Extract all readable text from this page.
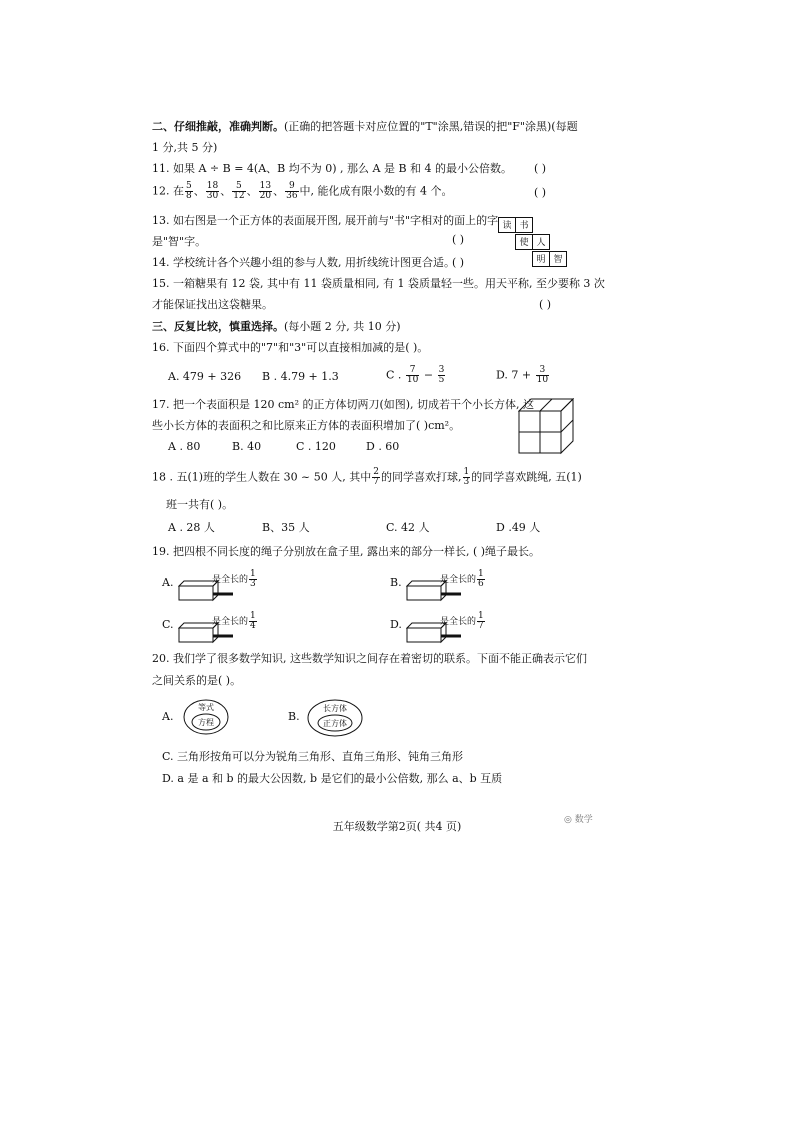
二、仔细推敲，准确判断。(正确的把答题卡对应位置的"T"涂黑,错误的把"F"涂黑)(每题
1 分,共 5 分)
11. 如果 A ÷ B = 4(A、B 均不为 0) , 那么 A 是 B 和 4 的最小公倍数。 ( )
12. 在 $\frac{5}{8}$ 、 $\frac{18}{30}$ 、 $\frac{5}{12}$ 、 $\frac{13}{20}$ 、 $\frac{9}{36}$ 中, 能化成有限小数的有 4 个。	( )
13. 如右图是一个正方体的表面展开图, 展开前与"书"字相对的面上的字
是"智"字。	( )
读 书
使 人
明 智
14. 学校统计各个兴趣小组的参与人数, 用折线统计图更合适。
( )
15. 一箱糖果有 12 袋, 其中有 11 袋质量相同, 有 1 袋质量轻一些。用天平称, 至少要称 3 次
才能保证找出这袋糖果。	( )
三、反复比较，慎重选择。(每小题 2 分, 共 10 分)
16. 下面四个算式中的"7"和"3"可以直接相加减的是( )。
A. 479 + 326 B . 4.79 + 1.3	C . $\frac{7}{10} - \frac{3}{5}$	D. $7 + \frac{3}{10}$
17. 把一个表面积是 120 cm² 的正方体切两刀(如图), 切成若干个小长方体, 这
些小长方体的表面积之和比原来正方体的表面积增加了( )cm²。
A . 80	B. 40	C . 120	D . 60
18 . 五(1)班的学生人数在 30 ~ 50 人, 其中 $\frac{2}{7}$ 的同学喜欢打球, $\frac{1}{3}$ 的同学喜欢跳绳, 五(1)
班一共有( )。
A . 28 人	B、35 人	C. 42 人	D .49 人
19. 把四根不同长度的绳子分别放在盒子里, 露出来的部分一样长, ( )绳子最长。
A.	是全长的 $\frac{1}{3}$	B.	是全长的 $\frac{1}{6}$
C.	是全长的 $\frac{1}{4}$	D.	是全长的 $\frac{1}{7}$
20. 我们学了很多数学知识, 这些数学知识之间存在着密切的联系。下面不能正确表示它们
之间关系的是( )。
A.
等式
方程	B.
长方体
正方体
C. 三角形按角可以分为锐角三角形、直角三角形、钝角三角形
D. a 是 a 和 b 的最大公因数, b 是它们的最小公倍数, 那么 a、b 互质
五年级数学第2页( 共4 页)	◎ 数学
